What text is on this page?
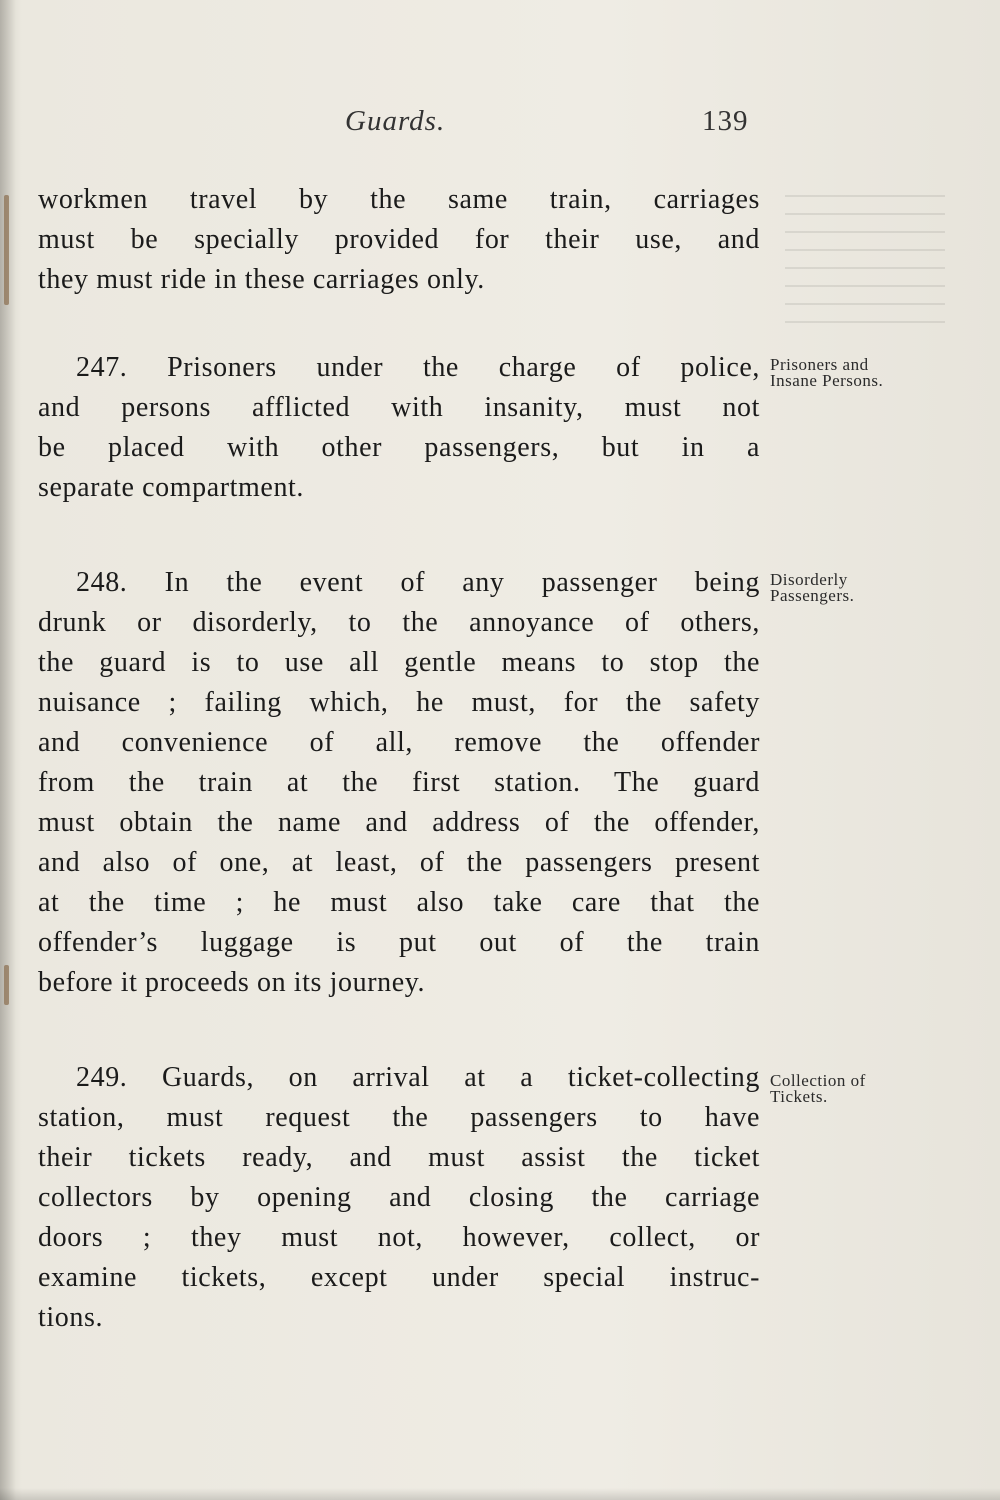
Guards.	139
workmen travel by the same train, carriages
must be specially provided for their use, and
they must ride in these carriages only.
247. Prisoners under the charge of police,
and persons afflicted with insanity, must not
be placed with other passengers, but in a
separate compartment.
Prisoners and
Insane Persons.
248. In the event of any passenger being
drunk or disorderly, to the annoyance of others,
the guard is to use all gentle means to stop the
nuisance ; failing which, he must, for the safety
and convenience of all, remove the offender
from the train at the first station. The guard
must obtain the name and address of the offender,
and also of one, at least, of the passengers present
at the time ; he must also take care that the
offender’s luggage is put out of the train
before it proceeds on its journey.
Disorderly
Passengers.
249. Guards, on arrival at a ticket-collecting
station, must request the passengers to have
their tickets ready, and must assist the ticket
collectors by opening and closing the carriage
doors ; they must not, however, collect, or
examine tickets, except under special instruc-
tions.
Collection of
Tickets.
